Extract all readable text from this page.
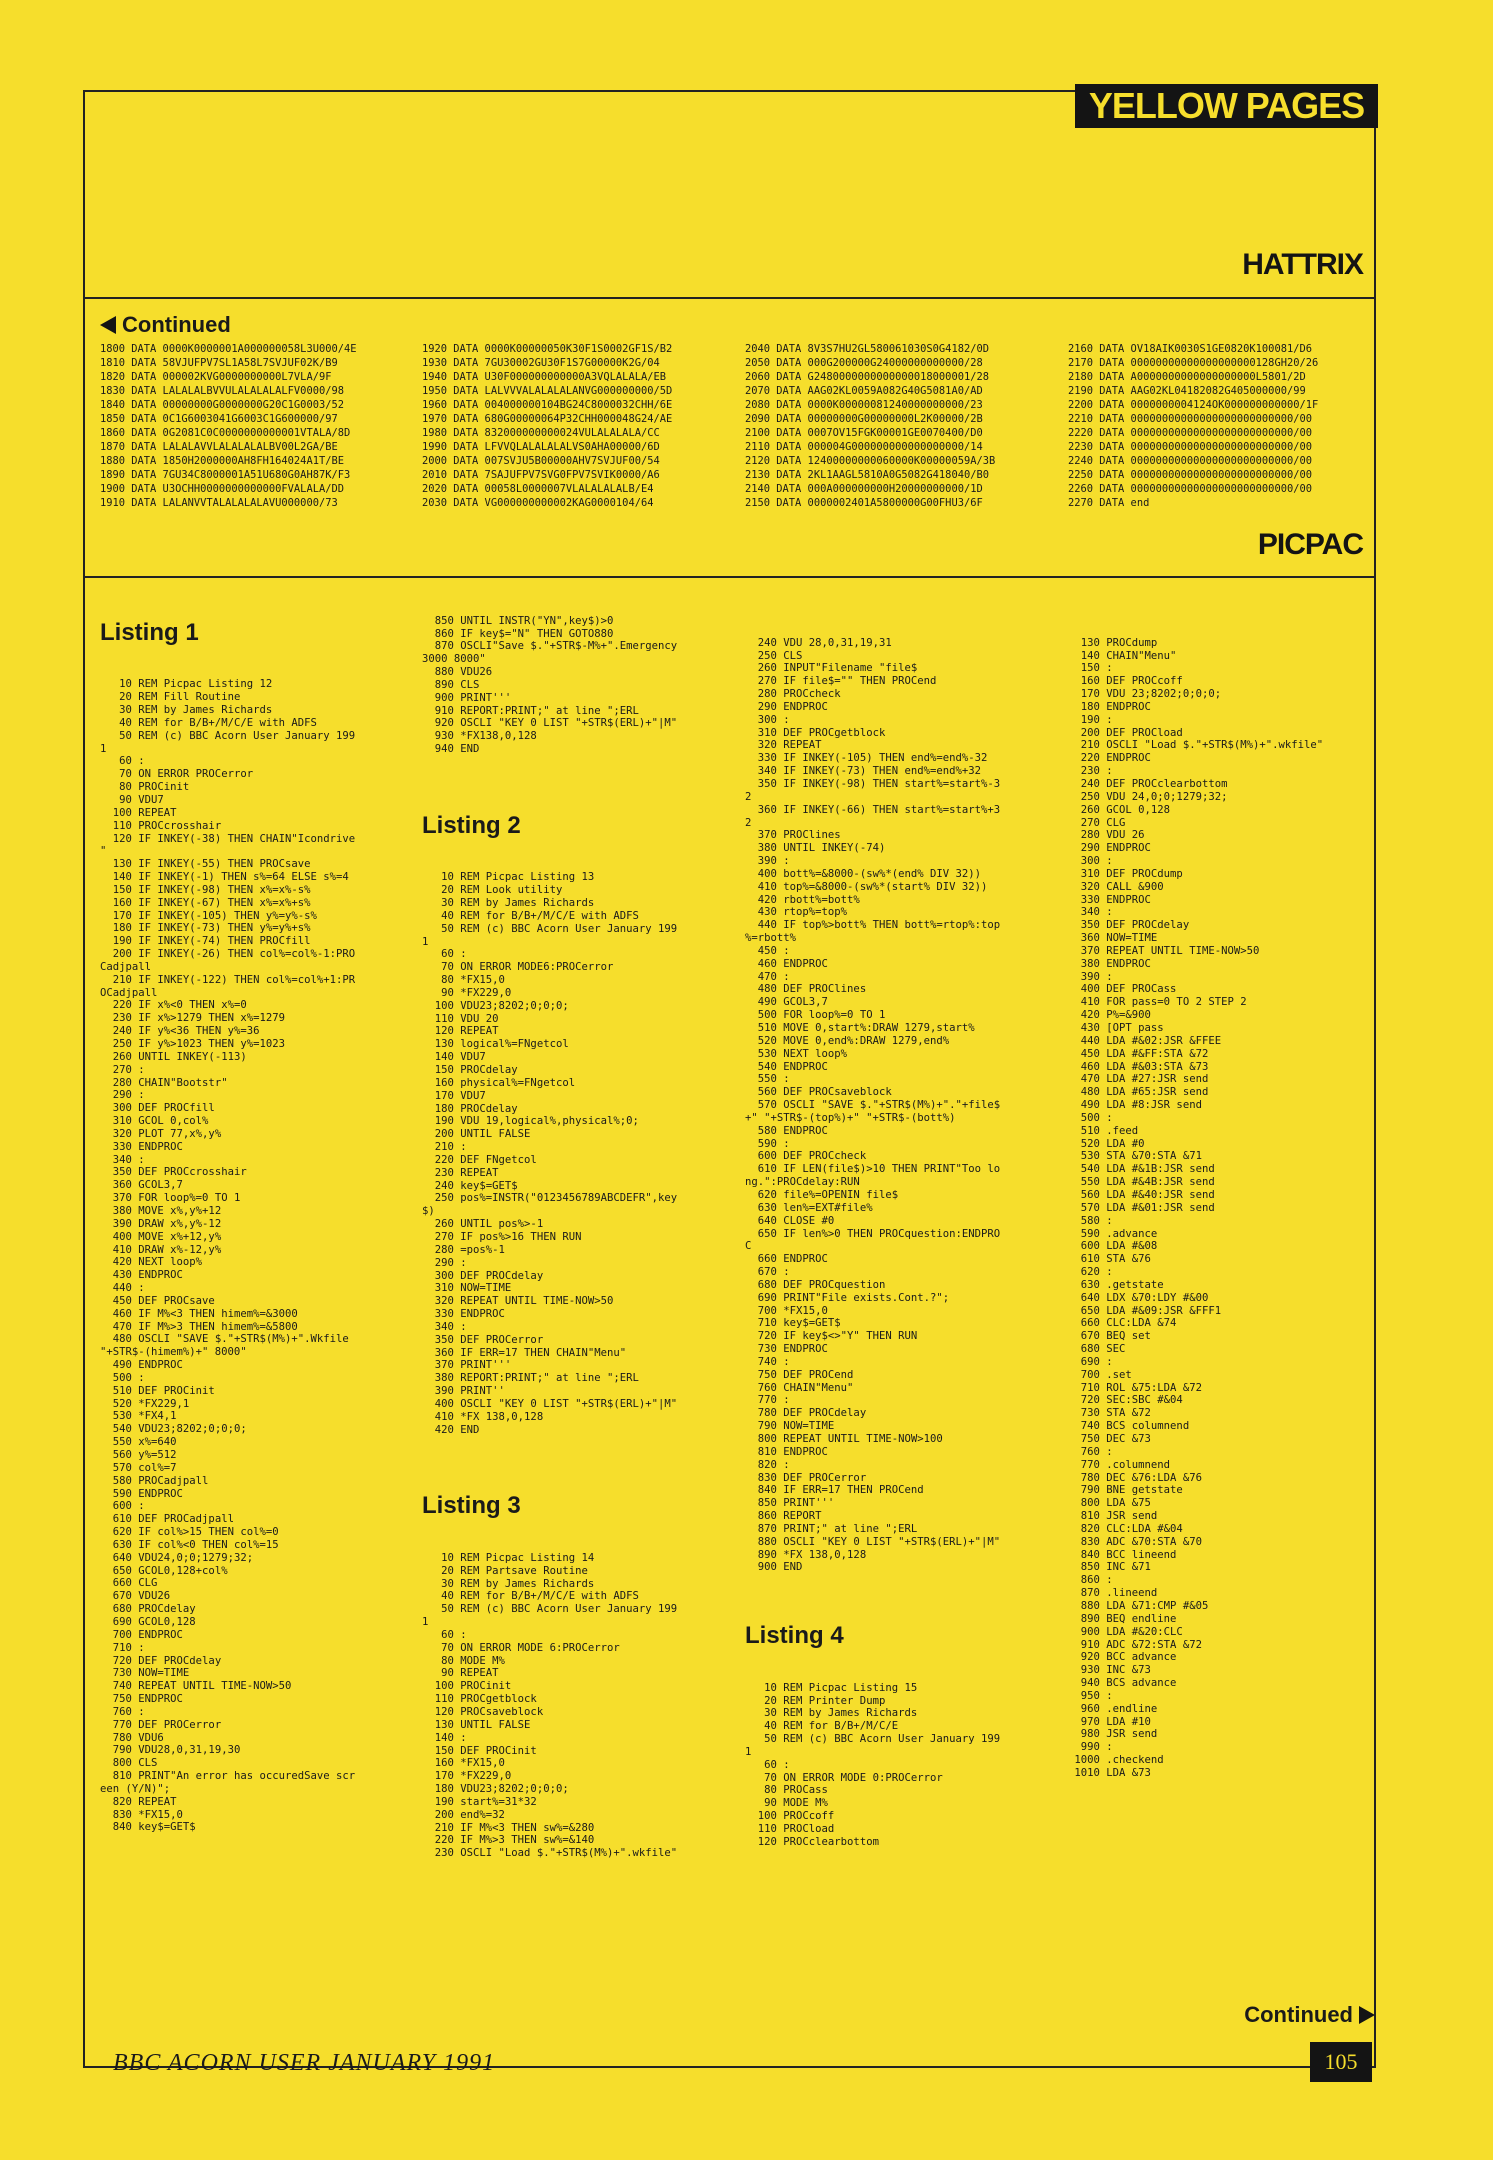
YELLOW PAGES
HATTRIX
Continued
1800 DATA 0000K0000001A000000058L3U000/4E
1810 DATA 58VJUFPV7SL1A58L7SVJUF02K/B9
1820 DATA 000002KVG0000000000L7VLA/9F
1830 DATA LALALALBVVULALALALALFV0000/98
1840 DATA 00000000G0000000G20C1G0003/52
1850 DATA 0C1G6003041G6003C1G600000/97
1860 DATA 0G2081C0C0000000000001VTALA/8D
1870 DATA LALALAVVLALALALALBV00L2GA/BE
1880 DATA 1850H2000000AH8FH164024A1T/BE
1890 DATA 7GU34C8000001A51U680G0AH87K/F3
1900 DATA U3OCHH0000000000000FVALALA/DD
1910 DATA LALANVVTALALALALAVU000000/73
1920 DATA 0000K00000050K30F1S0002GF1S/B2
1930 DATA 7GU30002GU30F1S7G00000K2G/04
1940 DATA U30F000000000000A3VQLALALA/EB
1950 DATA LALVVVALALALALANVG000000000/5D
1960 DATA 004000000104BG24C8000032CHH/6E
1970 DATA 680G00000064P32CHH000048G24/AE
1980 DATA 832000000000024VULALALALA/CC
1990 DATA LFVVQLALALALALVS0AHA00000/6D
2000 DATA 007SVJU5B00000AHV7SVJUF00/54
2010 DATA 7SAJUFPV7SVG0FPV7SVIK0000/A6
2020 DATA 00058L0000007VLALALALALB/E4
2030 DATA VG000000000002KAG0000104/64
2040 DATA 8V3S7HU2GL580061030S0G4182/0D
2050 DATA 000G200000G24000000000000/28
2060 DATA G2480000000000000018000001/28
2070 DATA AAG02KL0059A082G40G5081A0/AD
2080 DATA 0000K00000081240000000000/23
2090 DATA 00000000G00000000L2K00000/2B
2100 DATA 0007OV15FGK00001GE0070400/D0
2110 DATA 000004G000000000000000000/14
2120 DATA 12400000000060000K00000059A/3B
2130 DATA 2KL1AAGL5810A0G5082G418040/B0
2140 DATA 000A000000000H20000000000/1D
2150 DATA 0000002401A5800000G00FHU3/6F
2160 DATA OV18AIK0030S1GE0820K100081/D6
2170 DATA 00000000000000000000128GH20/26
2180 DATA A0000000000000000000L5801/2D
2190 DATA AAG02KL04182082G405000000/99
2200 DATA 0000000004124OK000000000000/1F
2210 DATA 00000000000000000000000000/00
2220 DATA 00000000000000000000000000/00
2230 DATA 00000000000000000000000000/00
2240 DATA 00000000000000000000000000/00
2250 DATA 00000000000000000000000000/00
2260 DATA 00000000000000000000000000/00
2270 DATA end
PICPAC

Listing 1

10 REM Picpac Listing 12
20 REM Fill Routine
30 REM by James Richards
40 REM for B/B+/M/C/E with ADFS
50 REM (c) BBC Acorn User January 199
1
60 :
70 ON ERROR PROCerror
80 PROCinit
90 VDU7
100 REPEAT
110 PROCcrosshair
120 IF INKEY(-38) THEN CHAIN"Icondrive
"
130 IF INKEY(-55) THEN PROCsave
140 IF INKEY(-1) THEN s%=64 ELSE s%=4
150 IF INKEY(-98) THEN x%=x%-s%
160 IF INKEY(-67) THEN x%=x%+s%
170 IF INKEY(-105) THEN y%=y%-s%
180 IF INKEY(-73) THEN y%=y%+s%
190 IF INKEY(-74) THEN PROCfill
200 IF INKEY(-26) THEN col%=col%-1:PRO
Cadjpall
210 IF INKEY(-122) THEN col%=col%+1:PR
OCadjpall
220 IF x%<0 THEN x%=0
230 IF x%>1279 THEN x%=1279
240 IF y%<36 THEN y%=36
250 IF y%>1023 THEN y%=1023
260 UNTIL INKEY(-113)
270 :
280 CHAIN"Bootstr"
290 :
300 DEF PROCfill
310 GCOL 0,col%
320 PLOT 77,x%,y%
330 ENDPROC
340 :
350 DEF PROCcrosshair
360 GCOL3,7
370 FOR loop%=0 TO 1
380 MOVE x%,y%+12
390 DRAW x%,y%-12
400 MOVE x%+12,y%
410 DRAW x%-12,y%
420 NEXT loop%
430 ENDPROC
440 :
450 DEF PROCsave
460 IF M%<3 THEN himem%=&3000
470 IF M%>3 THEN himem%=&5800
480 OSCLI "SAVE $."+STR$(M%)+".Wkfile
"+STR$-(himem%)+" 8000"
490 ENDPROC
500 :
510 DEF PROCinit
520 *FX229,1
530 *FX4,1
540 VDU23;8202;0;0;0;
550 x%=640
560 y%=512
570 col%=7
580 PROCadjpall
590 ENDPROC
600 :
610 DEF PROCadjpall
620 IF col%>15 THEN col%=0
630 IF col%<0 THEN col%=15
640 VDU24,0;0;1279;32;
650 GCOL0,128+col%
660 CLG
670 VDU26
680 PROCdelay
690 GCOL0,128
700 ENDPROC
710 :
720 DEF PROCdelay
730 NOW=TIME
740 REPEAT UNTIL TIME-NOW>50
750 ENDPROC
760 :
770 DEF PROCerror
780 VDU6
790 VDU28,0,31,19,30
800 CLS
810 PRINT"An error has occuredSave scr
een (Y/N)";
820 REPEAT
830 *FX15,0
840 key$=GET$

850 UNTIL INSTR("YN",key$)>0
860 IF key$="N" THEN GOTO880
870 OSCLI"Save $."+STR$-M%+".Emergency
3000 8000"
880 VDU26
890 CLS
900 PRINT'''
910 REPORT:PRINT;" at line ";ERL
920 OSCLI "KEY 0 LIST "+STR$(ERL)+"|M"
930 *FX138,0,128
940 END

Listing 2

10 REM Picpac Listing 13
20 REM Look utility
30 REM by James Richards
40 REM for B/B+/M/C/E with ADFS
50 REM (c) BBC Acorn User January 199
1
60 :
70 ON ERROR MODE6:PROCerror
80 *FX15,0
90 *FX229,0
100 VDU23;8202;0;0;0;
110 VDU 20
120 REPEAT
130 logical%=FNgetcol
140 VDU7
150 PROCdelay
160 physical%=FNgetcol
170 VDU7
180 PROCdelay
190 VDU 19,logical%,physical%;0;
200 UNTIL FALSE
210 :
220 DEF FNgetcol
230 REPEAT
240 key$=GET$
250 pos%=INSTR("0123456789ABCDEFR",key
$)
260 UNTIL pos%>-1
270 IF pos%>16 THEN RUN
280 =pos%-1
290 :
300 DEF PROCdelay
310 NOW=TIME
320 REPEAT UNTIL TIME-NOW>50
330 ENDPROC
340 :
350 DEF PROCerror
360 IF ERR=17 THEN CHAIN"Menu"
370 PRINT'''
380 REPORT:PRINT;" at line ";ERL
390 PRINT''
400 OSCLI "KEY 0 LIST "+STR$(ERL)+"|M"
410 *FX 138,0,128
420 END

Listing 3

10 REM Picpac Listing 14
20 REM Partsave Routine
30 REM by James Richards
40 REM for B/B+/M/C/E with ADFS
50 REM (c) BBC Acorn User January 199
1
60 :
70 ON ERROR MODE 6:PROCerror
80 MODE M%
90 REPEAT
100 PROCinit
110 PROCgetblock
120 PROCsaveblock
130 UNTIL FALSE
140 :
150 DEF PROCinit
160 *FX15,0
170 *FX229,0
180 VDU23;8202;0;0;0;
190 start%=31*32
200 end%=32
210 IF M%<3 THEN sw%=&280
220 IF M%>3 THEN sw%=&140
230 OSCLI "Load $."+STR$(M%)+".wkfile"

240 VDU 28,0,31,19,31
250 CLS
260 INPUT"Filename "file$
270 IF file$="" THEN PROCend
280 PROCcheck
290 ENDPROC
300 :
310 DEF PROCgetblock
320 REPEAT
330 IF INKEY(-105) THEN end%=end%-32
340 IF INKEY(-73) THEN end%=end%+32
350 IF INKEY(-98) THEN start%=start%-3
2
360 IF INKEY(-66) THEN start%=start%+3
2
370 PROClines
380 UNTIL INKEY(-74)
390 :
400 bott%=&8000-(sw%*(end% DIV 32))
410 top%=&8000-(sw%*(start% DIV 32))
420 rbott%=bott%
430 rtop%=top%
440 IF top%>bott% THEN bott%=rtop%:top
%=rbott%
450 :
460 ENDPROC
470 :
480 DEF PROClines
490 GCOL3,7
500 FOR loop%=0 TO 1
510 MOVE 0,start%:DRAW 1279,start%
520 MOVE 0,end%:DRAW 1279,end%
530 NEXT loop%
540 ENDPROC
550 :
560 DEF PROCsaveblock
570 OSCLI "SAVE $."+STR$(M%)+"."+file$
+" "+STR$-(top%)+" "+STR$-(bott%)
580 ENDPROC
590 :
600 DEF PROCcheck
610 IF LEN(file$)>10 THEN PRINT"Too lo
ng.":PROCdelay:RUN
620 file%=OPENIN file$
630 len%=EXT#file%
640 CLOSE #0
650 IF len%>0 THEN PROCquestion:ENDPRO
C
660 ENDPROC
670 :
680 DEF PROCquestion
690 PRINT"File exists.Cont.?";
700 *FX15,0
710 key$=GET$
720 IF key$<>"Y" THEN RUN
730 ENDPROC
740 :
750 DEF PROCend
760 CHAIN"Menu"
770 :
780 DEF PROCdelay
790 NOW=TIME
800 REPEAT UNTIL TIME-NOW>100
810 ENDPROC
820 :
830 DEF PROCerror
840 IF ERR=17 THEN PROCend
850 PRINT'''
860 REPORT
870 PRINT;" at line ";ERL
880 OSCLI "KEY 0 LIST "+STR$(ERL)+"|M"
890 *FX 138,0,128
900 END

Listing 4

10 REM Picpac Listing 15
20 REM Printer Dump
30 REM by James Richards
40 REM for B/B+/M/C/E
50 REM (c) BBC Acorn User January 199
1
60 :
70 ON ERROR MODE 0:PROCerror
80 PROCass
90 MODE M%
100 PROCcoff
110 PROCload
120 PROCclearbottom

130 PROCdump
140 CHAIN"Menu"
150 :
160 DEF PROCcoff
170 VDU 23;8202;0;0;0;
180 ENDPROC
190 :
200 DEF PROCload
210 OSCLI "Load $."+STR$(M%)+".wkfile"
220 ENDPROC
230 :
240 DEF PROCclearbottom
250 VDU 24,0;0;1279;32;
260 GCOL 0,128
270 CLG
280 VDU 26
290 ENDPROC
300 :
310 DEF PROCdump
320 CALL &900
330 ENDPROC
340 :
350 DEF PROCdelay
360 NOW=TIME
370 REPEAT UNTIL TIME-NOW>50
380 ENDPROC
390 :
400 DEF PROCass
410 FOR pass=0 TO 2 STEP 2
420 P%=&900
430 [OPT pass
440 LDA #&02:JSR &FFEE
450 LDA #&FF:STA &72
460 LDA #&03:STA &73
470 LDA #27:JSR send
480 LDA #65:JSR send
490 LDA #8:JSR send
500 :
510 .feed
520 LDA #0
530 STA &70:STA &71
540 LDA #&1B:JSR send
550 LDA #&4B:JSR send
560 LDA #&40:JSR send
570 LDA #&01:JSR send
580 :
590 .advance
600 LDA #&08
610 STA &76
620 :
630 .getstate
640 LDX &70:LDY #&00
650 LDA #&09:JSR &FFF1
660 CLC:LDA &74
670 BEQ set
680 SEC
690 :
700 .set
710 ROL &75:LDA &72
720 SEC:SBC #&04
730 STA &72
740 BCS columnend
750 DEC &73
760 :
770 .columnend
780 DEC &76:LDA &76
790 BNE getstate
800 LDA &75
810 JSR send
820 CLC:LDA #&04
830 ADC &70:STA &70
840 BCC lineend
850 INC &71
860 :
870 .lineend
880 LDA &71:CMP #&05
890 BEQ endline
900 LDA #&20:CLC
910 ADC &72:STA &72
920 BCC advance
930 INC &73
940 BCS advance
950 :
960 .endline
970 LDA #10
980 JSR send
990 :
1000 .checkend
1010 LDA &73

Continued
BBC ACORN USER JANUARY 1991	105
